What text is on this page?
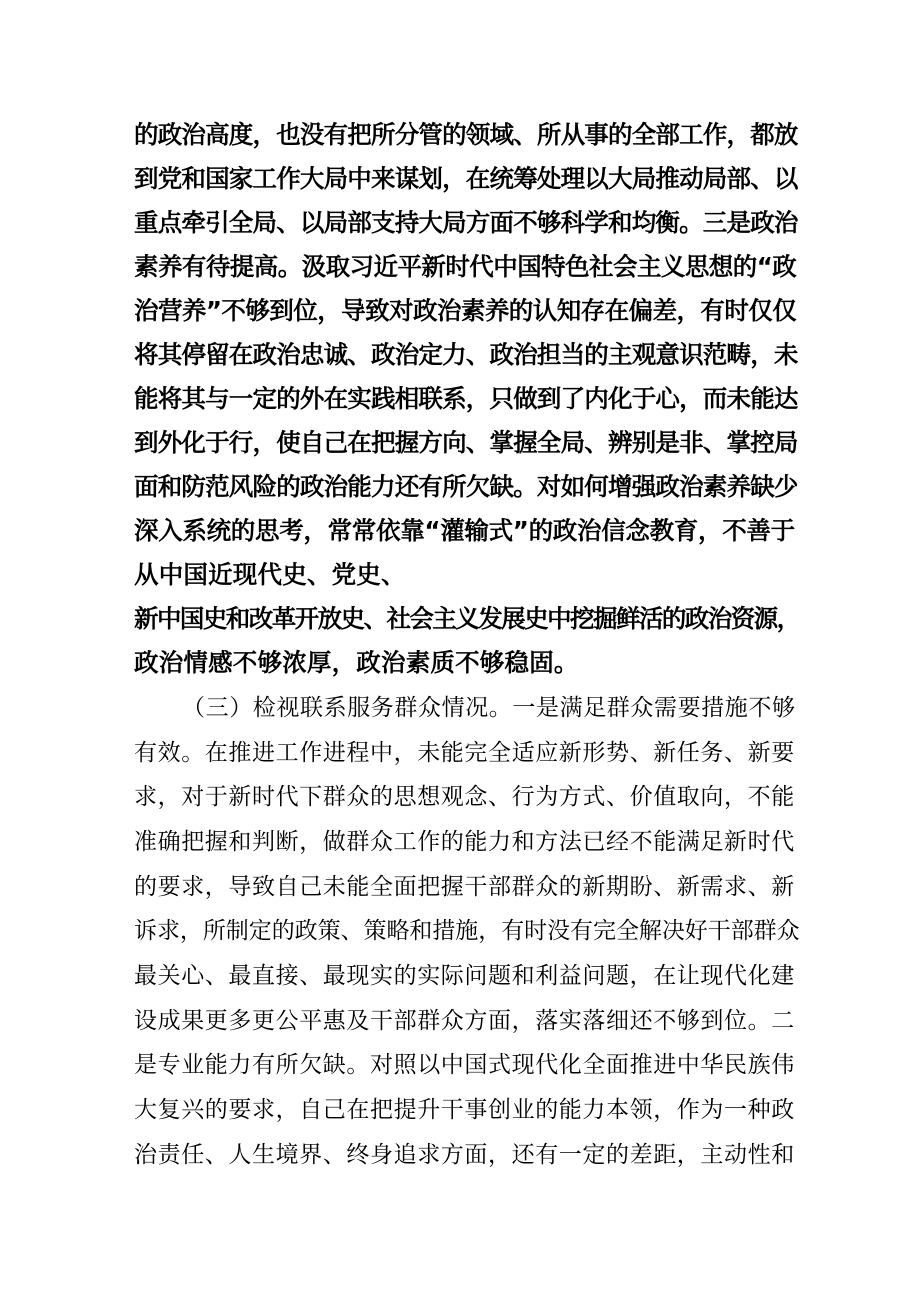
的政治高度，也没有把所分管的领域、所从事的全部工作，都放
到党和国家工作大局中来谋划，在统筹处理以大局推动局部、以
重点牵引全局、以局部支持大局方面不够科学和均衡。三是政治
素养有待提高。汲取习近平新时代中国特色社会主义思想的“政
治营养”不够到位，导致对政治素养的认知存在偏差，有时仅仅
将其停留在政治忠诚、政治定力、政治担当的主观意识范畴，未
能将其与一定的外在实践相联系，只做到了内化于心，而未能达
到外化于行，使自己在把握方向、掌握全局、辨别是非、掌控局
面和防范风险的政治能力还有所欠缺。对如何增强政治素养缺少
深入系统的思考，常常依靠“灌输式”的政治信念教育，不善于
从中国近现代史、党史、
新中国史和改革开放史、社会主义发展史中挖掘鲜活的政治资源，
政治情感不够浓厚，政治素质不够稳固。
（三）检视联系服务群众情况。一是满足群众需要措施不够
有效。在推进工作进程中，未能完全适应新形势、新任务、新要
求，对于新时代下群众的思想观念、行为方式、价值取向，不能
准确把握和判断，做群众工作的能力和方法已经不能满足新时代
的要求，导致自己未能全面把握干部群众的新期盼、新需求、新
诉求，所制定的政策、策略和措施，有时没有完全解决好干部群众
最关心、最直接、最现实的实际问题和利益问题，在让现代化建
设成果更多更公平惠及干部群众方面，落实落细还不够到位。二
是专业能力有所欠缺。对照以中国式现代化全面推进中华民族伟
大复兴的要求，自己在把提升干事创业的能力本领，作为一种政
治责任、人生境界、终身追求方面，还有一定的差距，主动性和
